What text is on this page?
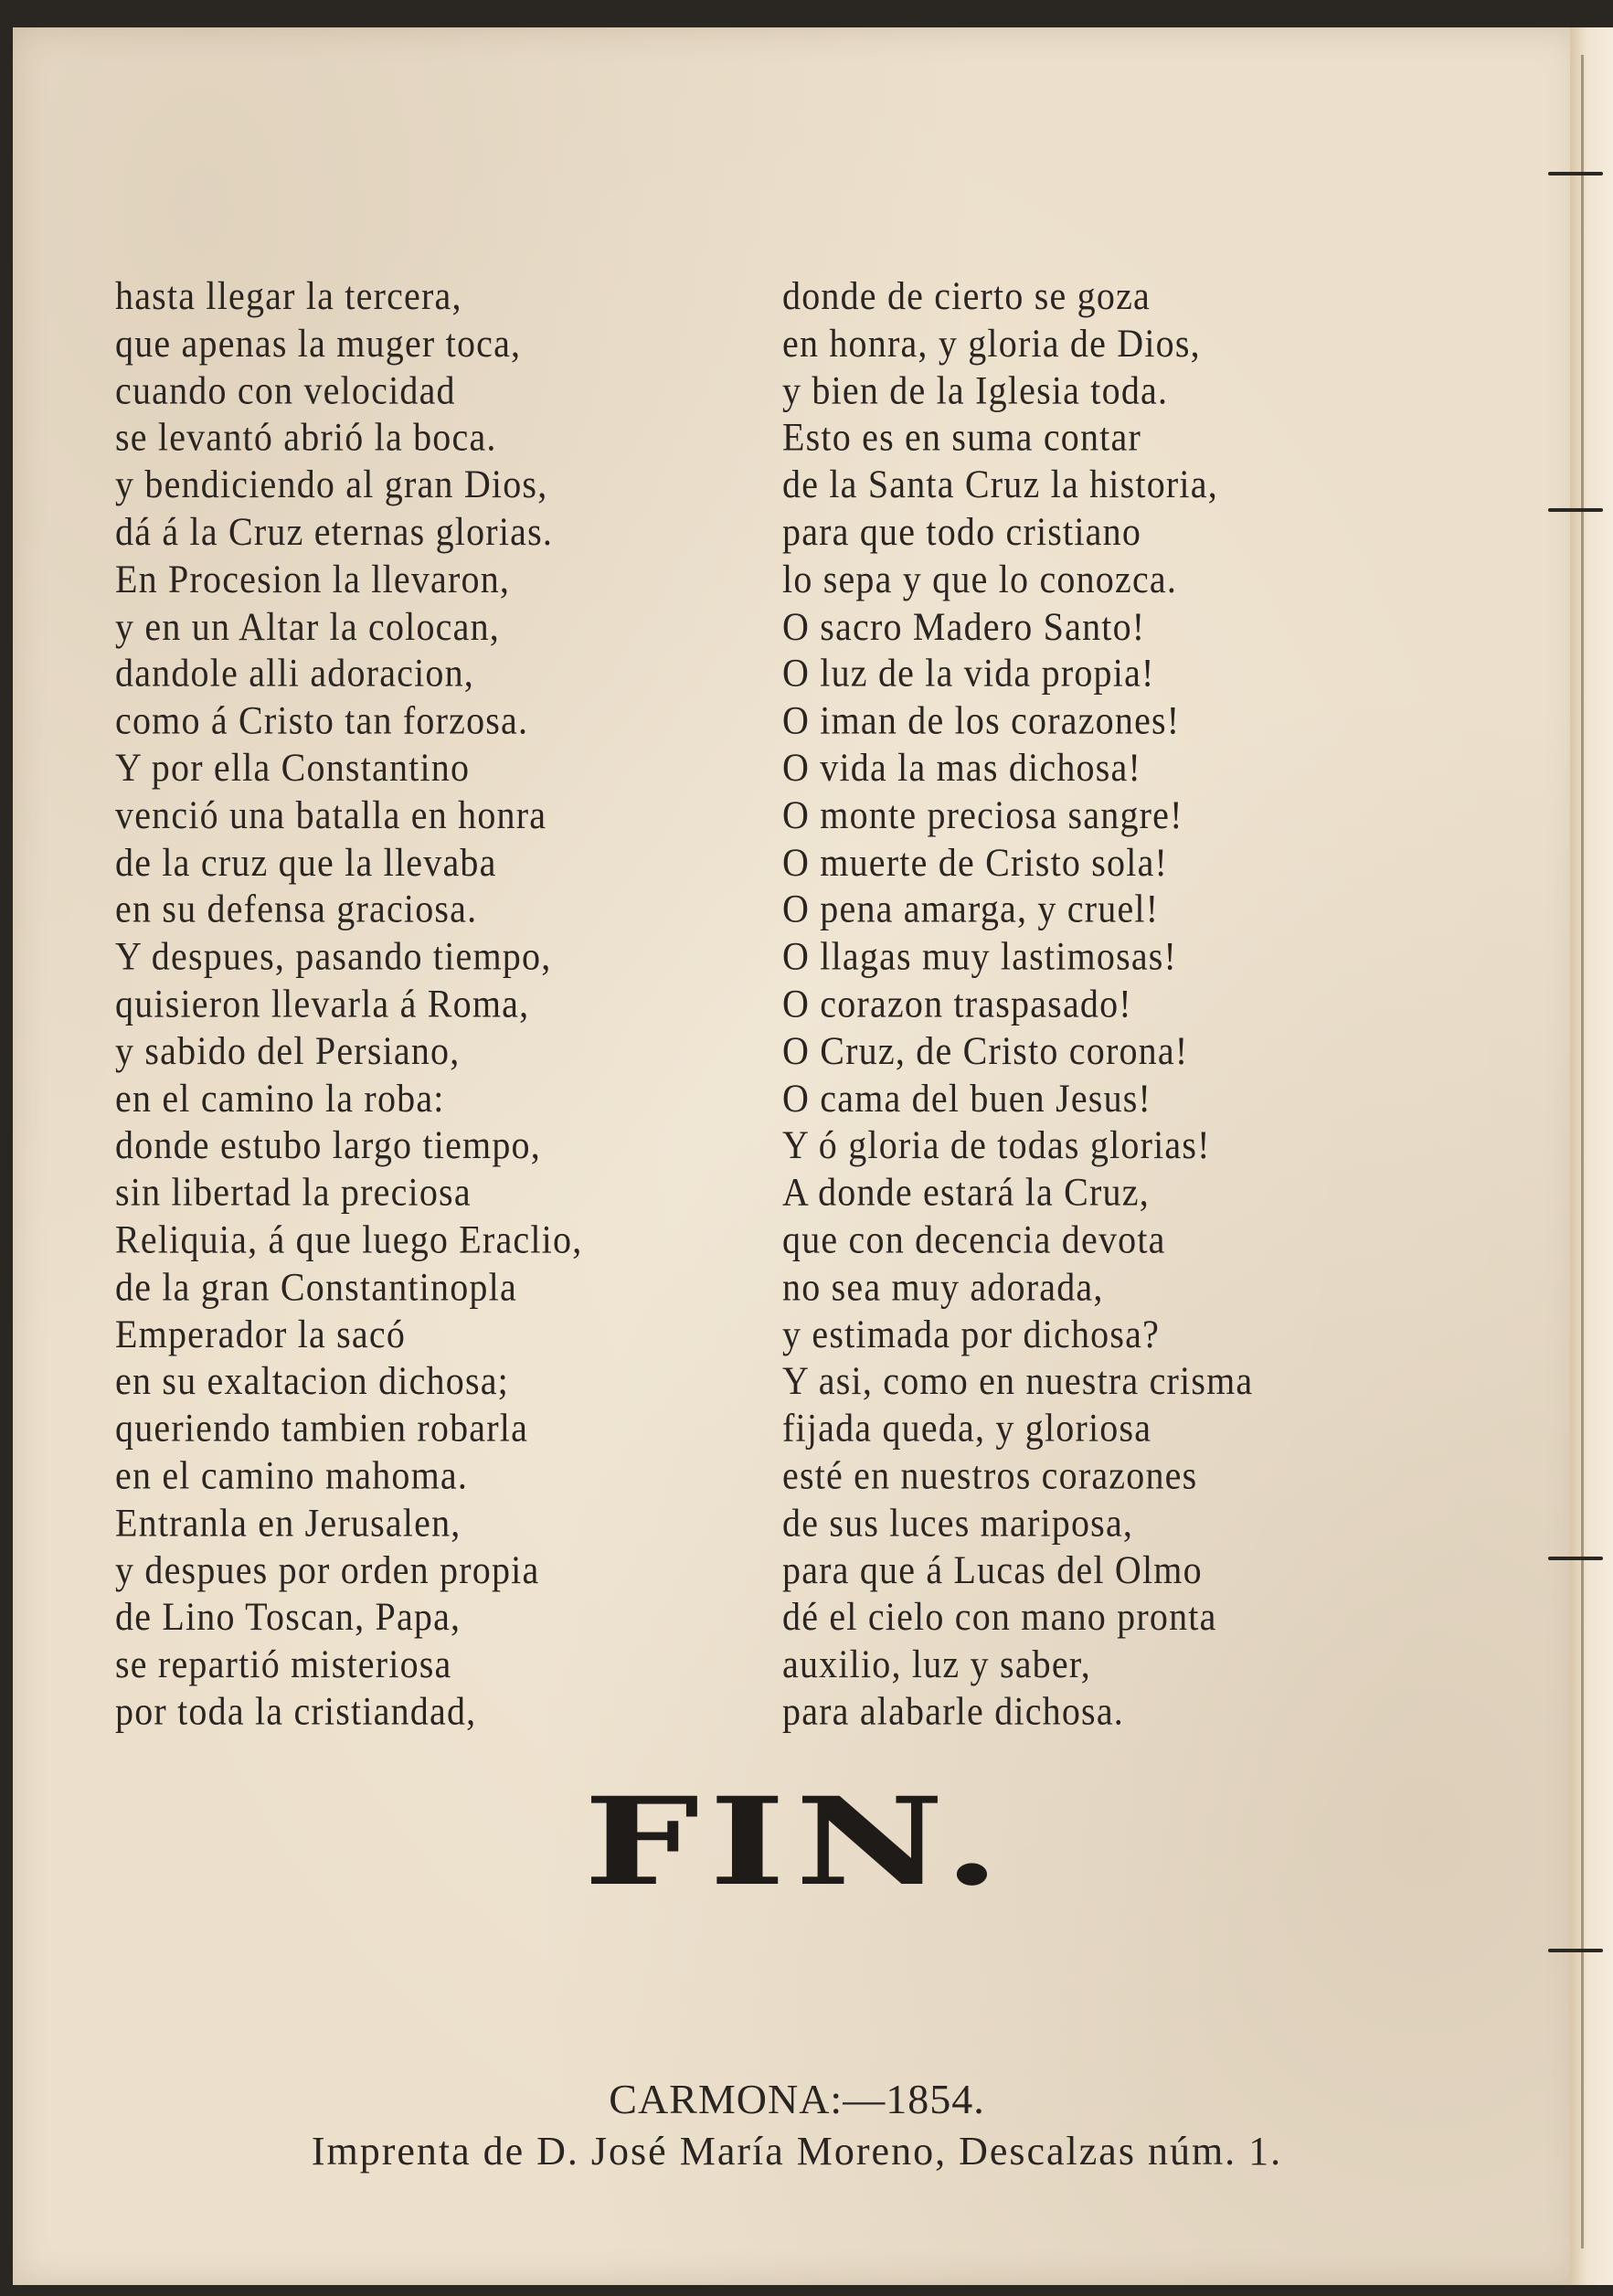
hasta llegar la tercera,
que apenas la muger toca,
cuando con velocidad
se levantó abrió la boca.
y bendiciendo al gran Dios,
dá á la Cruz eternas glorias.
En Procesion la llevaron,
y en un Altar la colocan,
dandole alli adoracion,
como á Cristo tan forzosa.
Y por ella Constantino
venció una batalla en honra
de la cruz que la llevaba
en su defensa graciosa.
Y despues, pasando tiempo,
quisieron llevarla á Roma,
y sabido del Persiano,
en el camino la roba:
donde estubo largo tiempo,
sin libertad la preciosa
Reliquia, á que luego Eraclio,
de la gran Constantinopla
Emperador la sacó
en su exaltacion dichosa;
queriendo tambien robarla
en el camino mahoma.
Entranla en Jerusalen,
y despues por orden propia
de Lino Toscan, Papa,
se repartió misteriosa
por toda la cristiandad,
donde de cierto se goza
en honra, y gloria de Dios,
y bien de la Iglesia toda.
Esto es en suma contar
de la Santa Cruz la historia,
para que todo cristiano
lo sepa y que lo conozca.
O sacro Madero Santo!
O luz de la vida propia!
O iman de los corazones!
O vida la mas dichosa!
O monte preciosa sangre!
O muerte de Cristo sola!
O pena amarga, y cruel!
O llagas muy lastimosas!
O corazon traspasado!
O Cruz, de Cristo corona!
O cama del buen Jesus!
Y ó gloria de todas glorias!
A donde estará la Cruz,
que con decencia devota
no sea muy adorada,
y estimada por dichosa?
Y asi, como en nuestra crisma
fijada queda, y gloriosa
esté en nuestros corazones
de sus luces mariposa,
para que á Lucas del Olmo
dé el cielo con mano pronta
auxilio, luz y saber,
para alabarle dichosa.
FIN.
CARMONA:—1854.
Imprenta de D. José María Moreno, Descalzas núm. 1.
